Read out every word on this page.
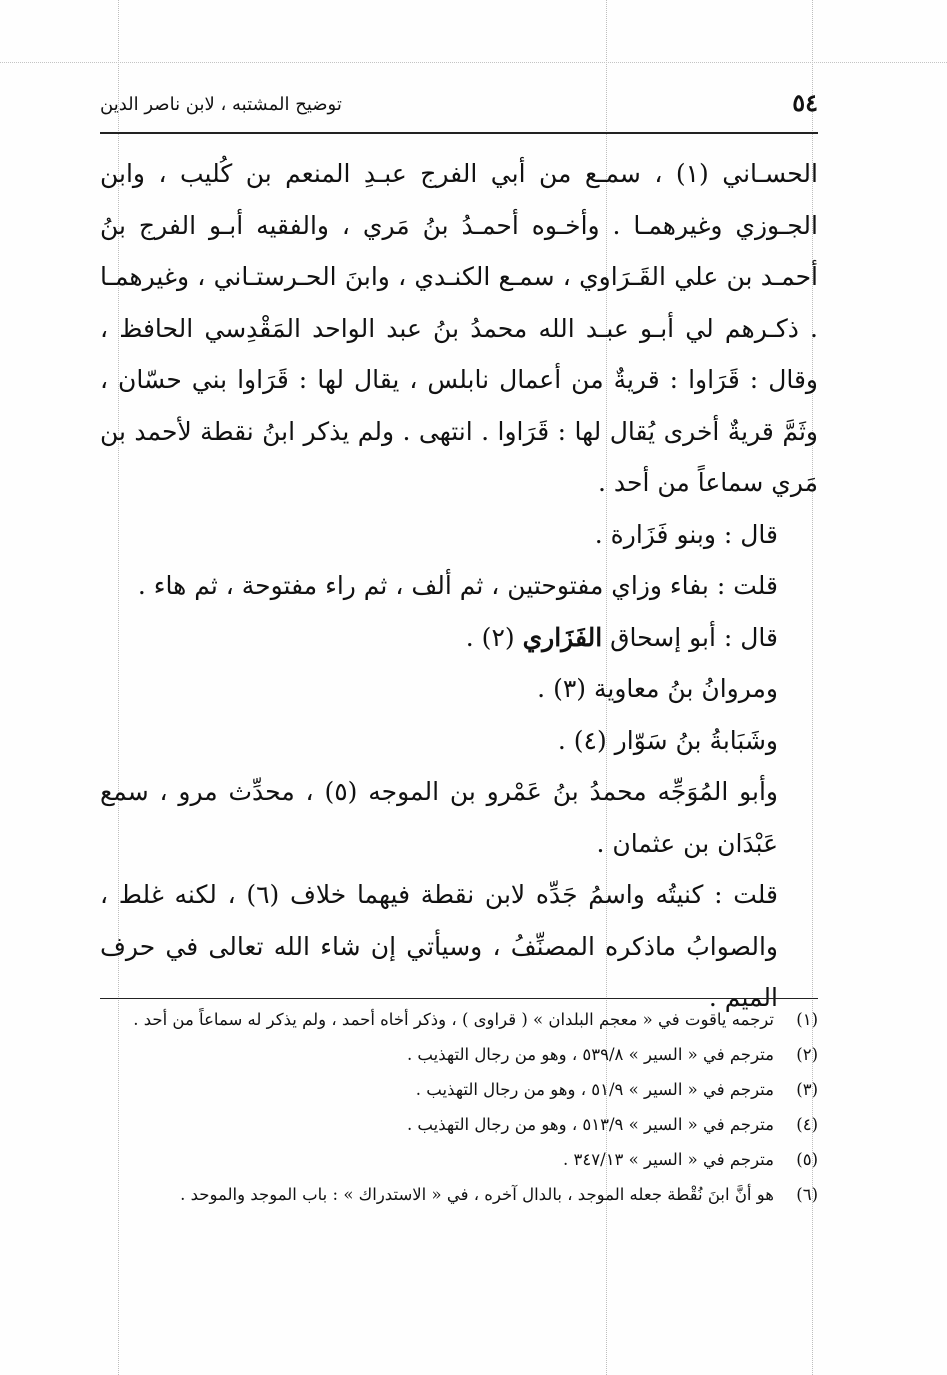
٥٤
توضيح المشتبه ، لابن ناصر الدين

الحسـاني (١) ، سمـع من أبي الفرج عبـدِ المنعم بن كُليب ، وابن الجـوزي وغيرهمـا . وأخـوه أحمـدُ بنُ مَري ، والفقيه أبـو الفرج بنُ أحمـد بن علي القَـرَاوي ، سمـع الكنـدي ، وابنَ الحـرستـاني ، وغيرهمـا . ذكـرهم لي أبـو عبـد الله محمدُ بنُ عبد الواحد المَقْدِسي الحافظ ، وقال : قَرَاوا : قريةٌ من أعمال نابلس ، يقال لها : قَرَاوا بني حسّان ، وثَمَّ قريةٌ أخرى يُقال لها : قَرَاوا . انتهى . ولم يذكر ابنُ نقطة لأحمد بن مَري سماعاً من أحد .

قال : وبنو فَزَارة .

قلت : بفاء وزاي مفتوحتين ، ثم ألف ، ثم راء مفتوحة ، ثم هاء .

قال : أبو إسحاق الفَزَاري (٢) .

ومروانُ بنُ معاوية (٣) .

وشَبَابةُ بنُ سَوّار (٤) .

وأبو المُوَجِّه محمدُ بنُ عَمْرو بن الموجه (٥) ، محدِّث مرو ، سمع عَبْدَان بن عثمان .

قلت : كنيتُه واسمُ جَدِّه لابن نقطة فيهما خلاف (٦) ، لكنه غلط ، والصوابُ ماذكره المصنِّفُ ، وسيأتي إن شاء الله تعالى في حرف الميم .

(١)
ترجمه ياقوت في « معجم البلدان » ( قراوى ) ، وذكر أخاه أحمد ، ولم يذكر له سماعاً من أحد .

(٢)
مترجم في « السير » ٥٣٩/٨ ، وهو من رجال التهذيب .

(٣)
مترجم في « السير » ٥١/٩ ، وهو من رجال التهذيب .

(٤)
مترجم في « السير » ٥١٣/٩ ، وهو من رجال التهذيب .

(٥)
مترجم في « السير » ٣٤٧/١٣ .

(٦)
هو أنَّ ابنَ نُقْطة جعله الموجد ، بالدال آخره ، في « الاستدراك » : باب الموجد والموحد .
